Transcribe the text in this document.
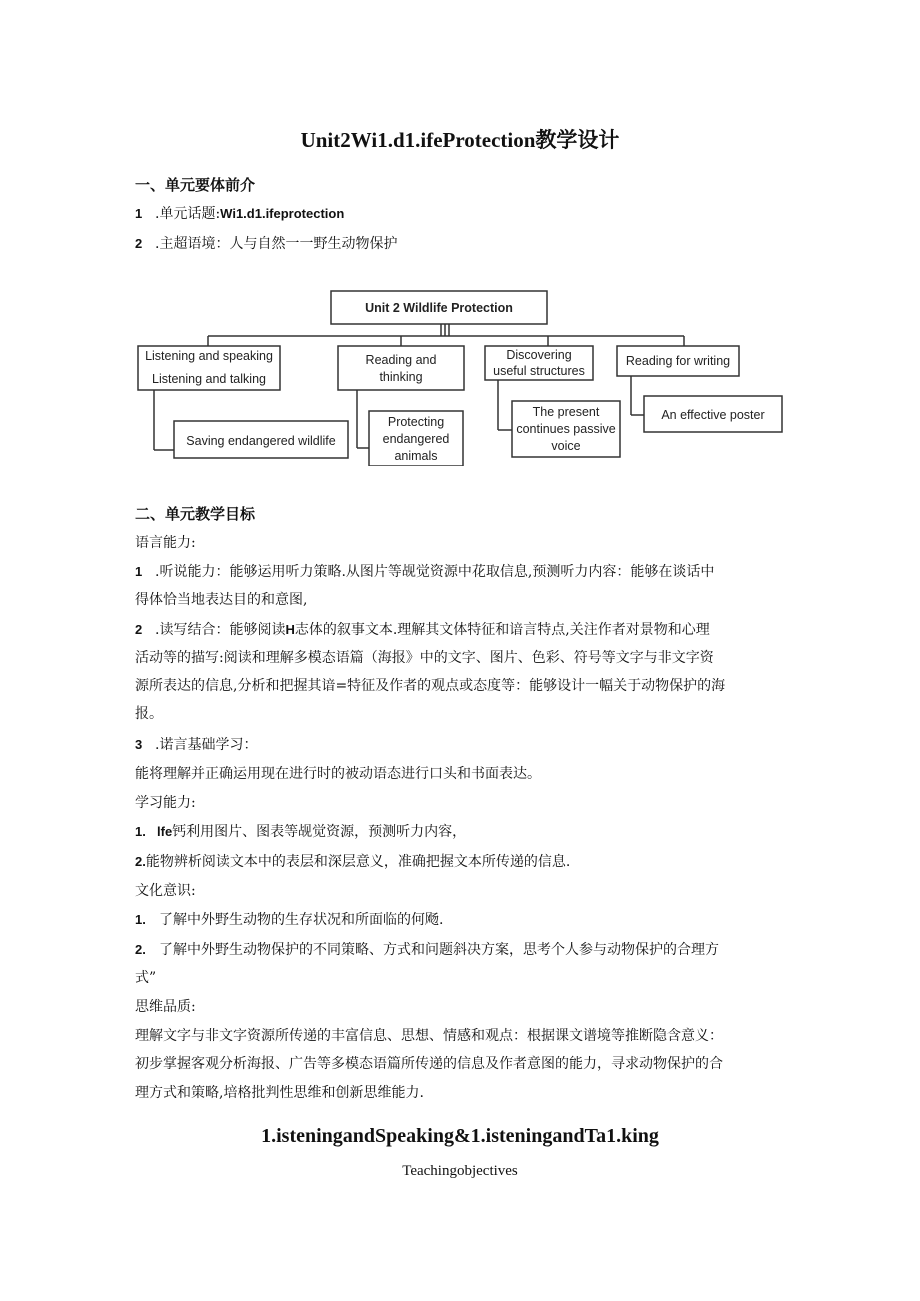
Unit2Wi1.d1.ifeProtection教学设计
一、单元要体前介
1 .单元话题:Wi1.d1.ifeprotection
2 .主超语境：人与自然一一野生动物保护
Unit 2 Wildlife Protection
Listening and speaking
Listening and talking
Saving endangered wildlife
Reading and
thinking
Protecting
endangered
animals
Discovering
useful structures
The present
continues passive
voice
Reading for writing
An effective poster
二、单元教学目标
语言能力:
1 .听说能力：能够运用听力策略.从图片等觇觉资源中花取信息,预测听力内容：能够在谈话中
得体恰当地表达目的和意图,
2 .读写结合：能够阅读H志体的叙事文本.理解其文体特征和谙言特点,关注作者对景物和心理
活动等的描写:阅读和理解多模态语篇（海报》中的文字、图片、色彩、符号等文字与非文字资
源所表达的信息,分析和把握其谙=特征及作者的观点或态度等：能够设计一幅关于动物保护的海
报。
3 .诺言基础学习：
能将理解并正确运用现在进行时的被动语态进行口头和书面表达。
学习能力:
1. lfe钙利用图片、图表等觇觉资源，预测听力内容，
2.能物辨析阅读文本中的表层和深层意义，准确把握文本所传递的信息.
文化意识:
1. 了解中外野生动物的生存状况和所面临的何飏.
2. 了解中外野生动物保护的不同策略、方式和问题斜决方案，思考个人参与动物保护的合理方
式”
思维品质:
理解文字与非文字资源所传递的丰富信息、思想、情感和观点：根据课文谱境等推断隐含意义：
初步掌握客观分析海报、广告等多模态语篇所传递的信息及作者意图的能力，寻求动物保护的合
理方式和策略,培格批判性思维和创新思维能力.
1.isteningandSpeaking&1.isteningandTa1.king
Teachingobjectives
